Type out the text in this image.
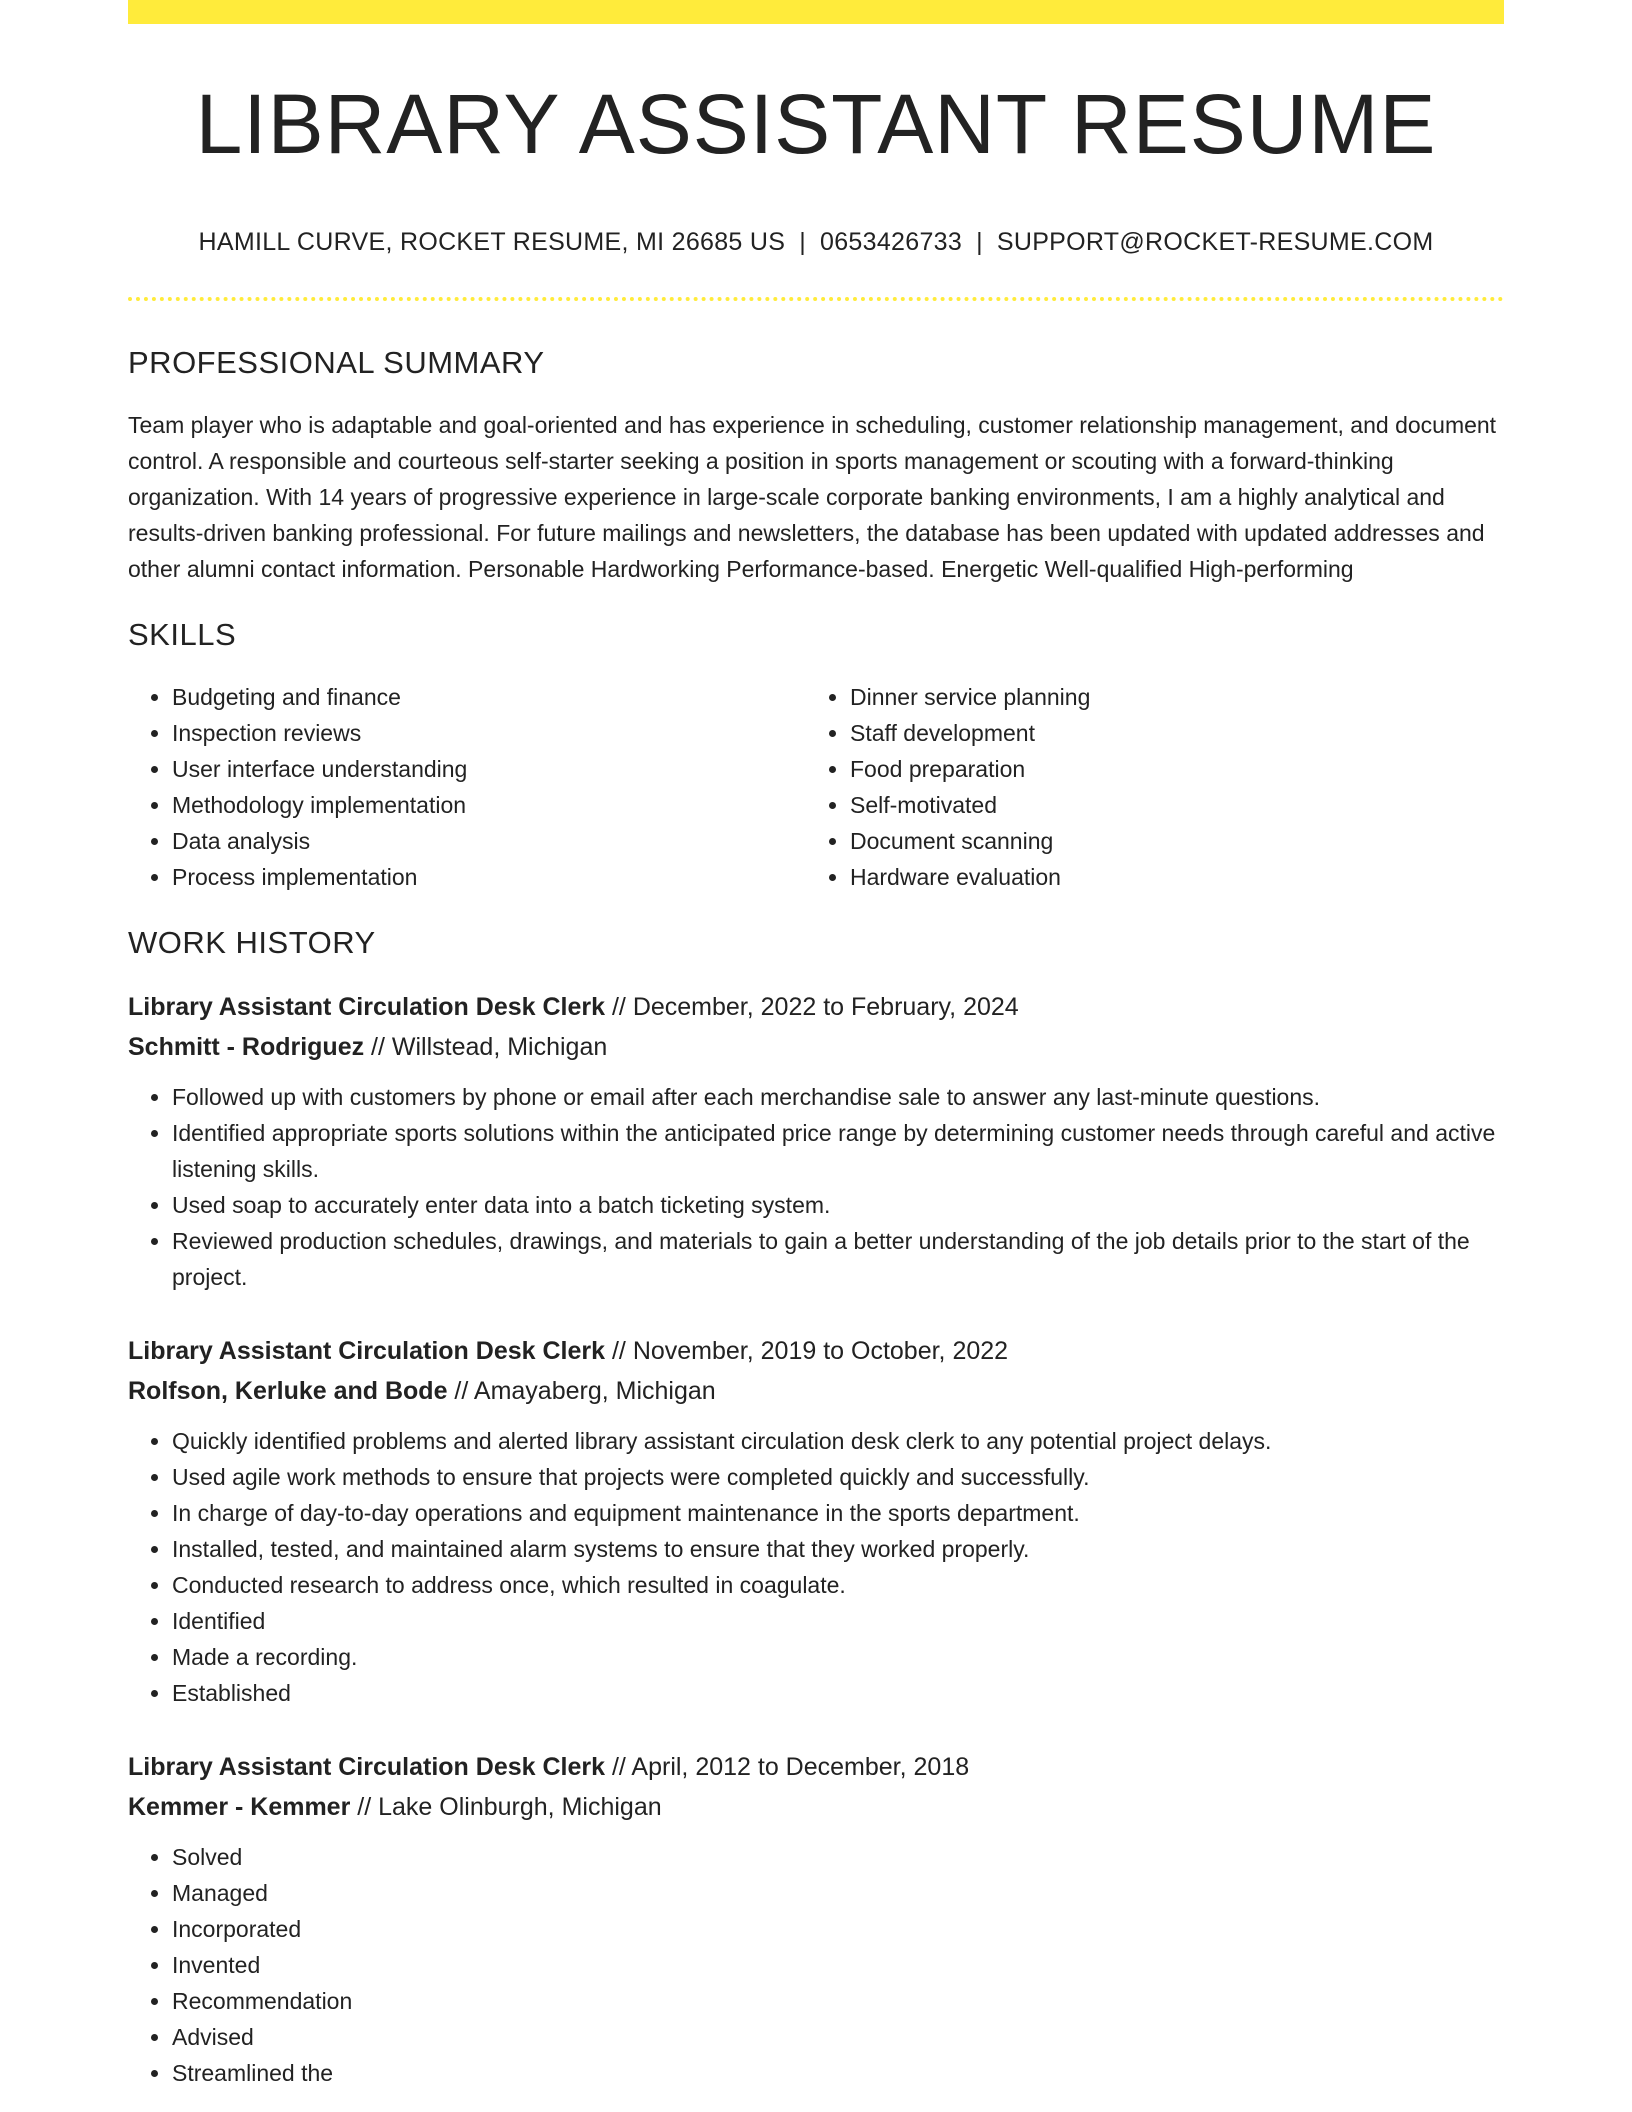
LIBRARY ASSISTANT RESUME
HAMILL CURVE, ROCKET RESUME, MI 26685 US | 0653426733 | SUPPORT@ROCKET-RESUME.COM
PROFESSIONAL SUMMARY

Team player who is adaptable and goal-oriented and has experience in scheduling, customer relationship management, and document control. A responsible and courteous self-starter seeking a position in sports management or scouting with a forward-thinking organization. With 14 years of progressive experience in large-scale corporate banking environments, I am a highly analytical and results-driven banking professional. For future mailings and newsletters, the database has been updated with updated addresses and other alumni contact information. Personable Hardworking Performance-based. Energetic Well-qualified High-performing

SKILLS
• Budgeting and finance
• Inspection reviews
• User interface understanding
• Methodology implementation
• Data analysis
• Process implementation
• Dinner service planning
• Staff development
• Food preparation
• Self-motivated
• Document scanning
• Hardware evaluation
WORK HISTORY
Library Assistant Circulation Desk Clerk // December, 2022 to February, 2024
Schmitt - Rodriguez // Willstead, Michigan
• Followed up with customers by phone or email after each merchandise sale to answer any last-minute questions.
• Identified appropriate sports solutions within the anticipated price range by determining customer needs through careful and active listening skills.
• Used soap to accurately enter data into a batch ticketing system.
• Reviewed production schedules, drawings, and materials to gain a better understanding of the job details prior to the start of the project.
Library Assistant Circulation Desk Clerk // November, 2019 to October, 2022
Rolfson, Kerluke and Bode // Amayaberg, Michigan
• Quickly identified problems and alerted library assistant circulation desk clerk to any potential project delays.
• Used agile work methods to ensure that projects were completed quickly and successfully.
• In charge of day-to-day operations and equipment maintenance in the sports department.
• Installed, tested, and maintained alarm systems to ensure that they worked properly.
• Conducted research to address once, which resulted in coagulate.
• Identified
• Made a recording.
• Established
Library Assistant Circulation Desk Clerk // April, 2012 to December, 2018
Kemmer - Kemmer // Lake Olinburgh, Michigan
• Solved
• Managed
• Incorporated
• Invented
• Recommendation
• Advised
• Streamlined the
